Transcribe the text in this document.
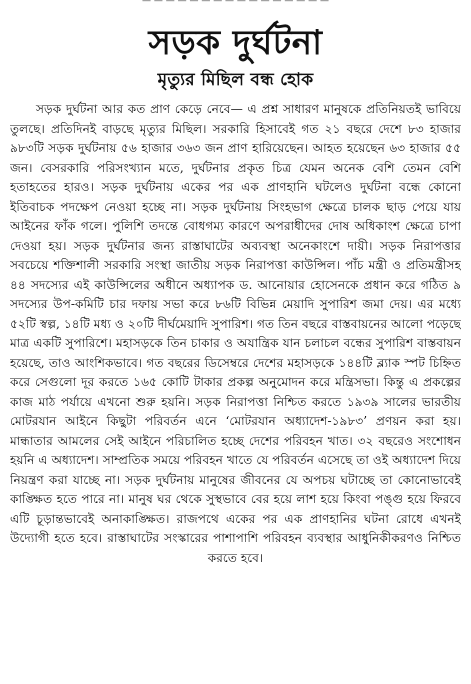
— — — — — — — — — — — — — — — —
সড়ক দুর্ঘটনা
মৃত্যুর মিছিল বন্ধ হোক

সড়ক দুর্ঘটনা আর কত প্রাণ কেড়ে নেবে— এ প্রশ্ন সাধারণ মানুষকে প্রতিনিয়তই ভাবিয়ে তুলছে। প্রতিদিনই বাড়ছে মৃত্যুর মিছিল। সরকারি হিসাবেই গত ২১ বছরে দেশে ৮৩ হাজার ৯৮৩টি সড়ক দুর্ঘটনায় ৫৬ হাজার ৩৬৩ জন প্রাণ হারিয়েছেন। আহত হয়েছেন ৬৩ হাজার ৫৫ জন। বেসরকারি পরিসংখ্যান মতে, দুর্ঘটনার প্রকৃত চিত্র যেমন অনেক বেশি তেমন বেশি হতাহতের হারও। সড়ক দুর্ঘটনায় একের পর এক প্রাণহানি ঘটলেও দুর্ঘটনা বন্ধে কোনো ইতিবাচক পদক্ষেপ নেওয়া হচ্ছে না। সড়ক দুর্ঘটনায় সিংহভাগ ক্ষেত্রে চালক ছাড় পেয়ে যায় আইনের ফাঁক গলে। পুলিশি তদন্তে বোধগম্য কারণে অপরাধীদের দোষ অধিকাংশ ক্ষেত্রে চাপা দেওয়া হয়। সড়ক দুর্ঘটনার জন্য রাস্তাঘাটের অব্যবস্থা অনেকাংশে দায়ী। সড়ক নিরাপত্তার সবচেয়ে শক্তিশালী সরকারি সংস্থা জাতীয় সড়ক নিরাপত্তা কাউন্সিল। পাঁচ মন্ত্রী ও প্রতিমন্ত্রীসহ ৪৪ সদস্যের এই কাউন্সিলের অধীনে অধ্যাপক ড. আনোয়ার হোসেনকে প্রধান করে গঠিত ৯ সদস্যের উপ-কমিটি চার দফায় সভা করে ৮৬টি বিভিন্ন মেয়াদি সুপারিশ জমা দেয়। এর মধ্যে ৫২টি স্বল্প, ১৪টি মধ্য ও ২০টি দীর্ঘমেয়াদি সুপারিশ। গত তিন বছরে বাস্তবায়নের আলো পড়েছে মাত্র একটি সুপারিশে। মহাসড়কে তিন চাকার ও অযান্ত্রিক যান চলাচল বন্ধের সুপারিশ বাস্তবায়ন হয়েছে, তাও আংশিকভাবে। গত বছরের ডিসেম্বরে দেশের মহাসড়কে ১৪৪টি ব্ল্যাক স্পট চিহ্নিত করে সেগুলো দূর করতে ১৬৫ কোটি টাকার প্রকল্প অনুমোদন করে মন্ত্রিসভা। কিন্তু এ প্রকল্পের কাজ মাঠ পর্যায়ে এখনো শুরু হয়নি। সড়ক নিরাপত্তা নিশ্চিত করতে ১৯৩৯ সালের ভারতীয় মোটরযান আইনে কিছুটা পরিবর্তন এনে ‘মোটরযান অধ্যাদেশ-১৯৮৩’ প্রণয়ন করা হয়। মান্ধাতার আমলের সেই আইনে পরিচালিত হচ্ছে দেশের পরিবহন খাত। ৩২ বছরেও সংশোধন হয়নি এ অধ্যাদেশ। সাম্প্রতিক সময়ে পরিবহন খাতে যে পরিবর্তন এসেছে তা ওই অধ্যাদেশ দিয়ে নিয়ন্ত্রণ করা যাচ্ছে না। সড়ক দুর্ঘটনায় মানুষের জীবনের যে অপচয় ঘটাচ্ছে তা কোনোভাবেই কাঙ্ক্ষিত হতে পারে না। মানুষ ঘর থেকে সুস্থভাবে বের হয়ে লাশ হয়ে কিংবা পঙ্গু হয়ে ফিরবে এটি চূড়ান্তভাবেই অনাকাঙ্ক্ষিত। রাজপথে একের পর এক প্রাণহানির ঘটনা রোধে এখনই উদ্যোগী হতে হবে। রাস্তাঘাটের সংস্কারের পাশাপাশি পরিবহন ব্যবস্থার আধুনিকীকরণও নিশ্চিত করতে হবে।
